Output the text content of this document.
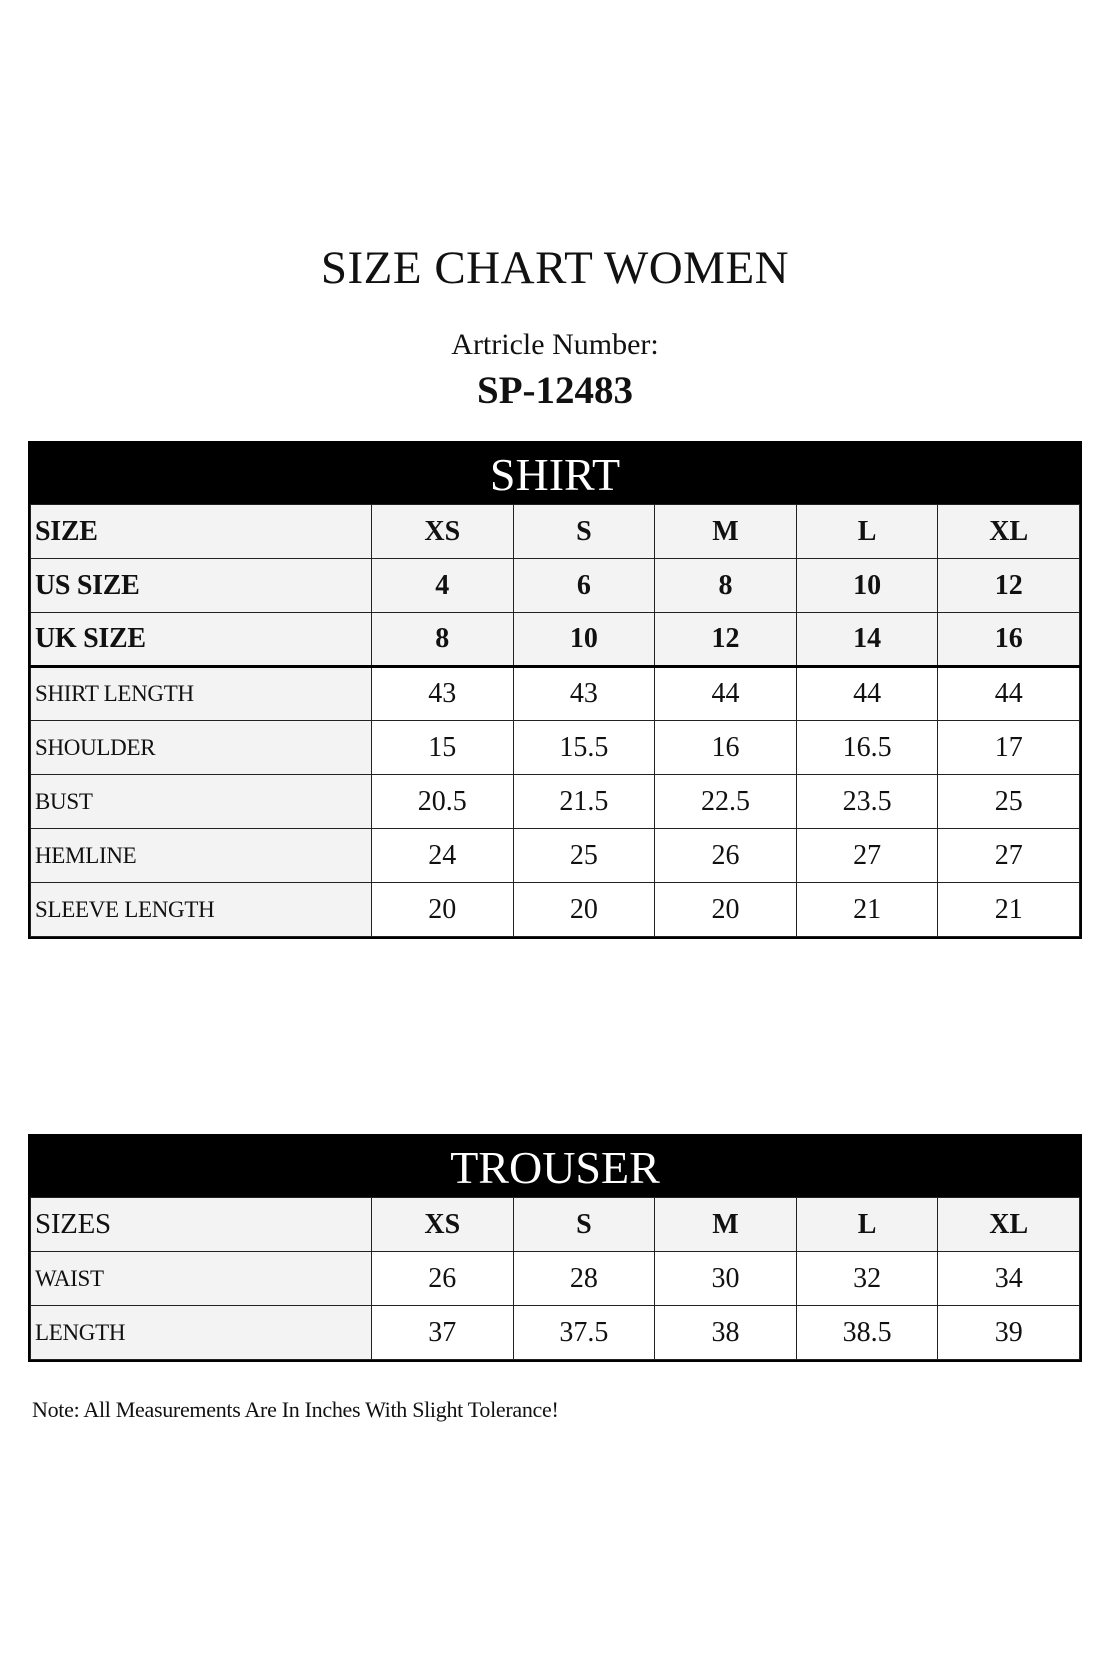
SIZE CHART WOMEN
Artricle Number:
SP-12483
SHIRT
SIZE	XS	S	M	L	XL
US SIZE	4	6	8	10	12
UK SIZE	8	10	12	14	16
SHIRT LENGTH	43	43	44	44	44
SHOULDER	15	15.5	16	16.5	17
BUST	20.5	21.5	22.5	23.5	25
HEMLINE	24	25	26	27	27
SLEEVE LENGTH	20	20	20	21	21
TROUSER
SIZES	XS	S	M	L	XL
WAIST	26	28	30	32	34
LENGTH	37	37.5	38	38.5	39
Note: All Measurements Are In Inches With Slight Tolerance!
